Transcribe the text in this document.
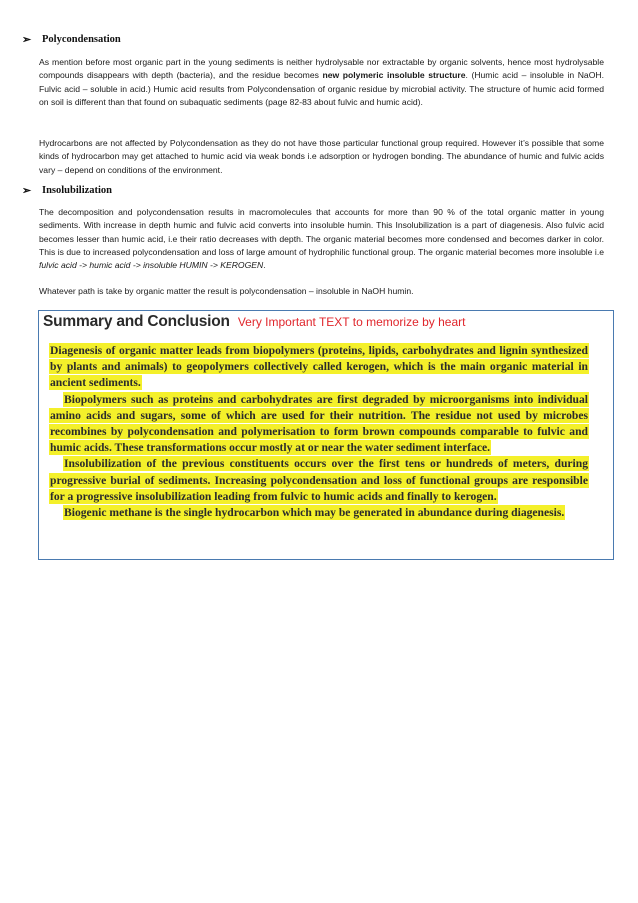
➢	Polycondensation
As mention before most organic part in the young sediments is neither hydrolysable nor extractable by organic solvents, hence most hydrolysable compounds disappears with depth (bacteria), and the residue becomes new polymeric insoluble structure. (Humic acid – insoluble in NaOH. Fulvic acid – soluble in acid.) Humic acid results from Polycondensation of organic residue by microbial activity. The structure of humic acid formed on soil is different than that found on subaquatic sediments (page 82-83 about fulvic and humic acid).
Hydrocarbons are not affected by Polycondensation as they do not have those particular functional group required. However it’s possible that some kinds of hydrocarbon may get attached to humic acid via weak bonds i.e adsorption or hydrogen bonding. The abundance of humic and fulvic acids vary – depend on conditions of the environment.
➢	Insolubilization
The decomposition and polycondensation results in macromolecules that accounts for more than 90 % of the total organic matter in young sediments. With increase in depth humic and fulvic acid converts into insoluble humin. This Insolubilization is a part of diagenesis. Also fulvic acid becomes lesser than humic acid, i.e their ratio decreases with depth. The organic material becomes more condensed and becomes darker in color. This is due to increased polycondensation and loss of large amount of hydrophilic functional group. The organic material becomes more insoluble i.e fulvic acid -> humic acid -> insoluble HUMIN -> KEROGEN.
Whatever path is take by organic matter the result is polycondensation – insoluble in NaOH humin.
Summary and Conclusion Very Important TEXT to memorize by heart

Diagenesis of organic matter leads from biopolymers (proteins, lipids, carbohydrates and lignin synthesized by plants and animals) to geopolymers collectively called kerogen, which is the main organic material in ancient sediments.

Biopolymers such as proteins and carbohydrates are first degraded by microorganisms into individual amino acids and sugars, some of which are used for their nutrition. The residue not used by microbes recombines by polycondensation and polymerisation to form brown compounds comparable to fulvic and humic acids. These transformations occur mostly at or near the water sediment interface.

Insolubilization of the previous constituents occurs over the first tens or hundreds of meters, during progressive burial of sediments. Increasing polycondensation and loss of functional groups are responsible for a progressive insolubilization leading from fulvic to humic acids and finally to kerogen.

Biogenic methane is the single hydrocarbon which may be generated in abundance during diagenesis.
